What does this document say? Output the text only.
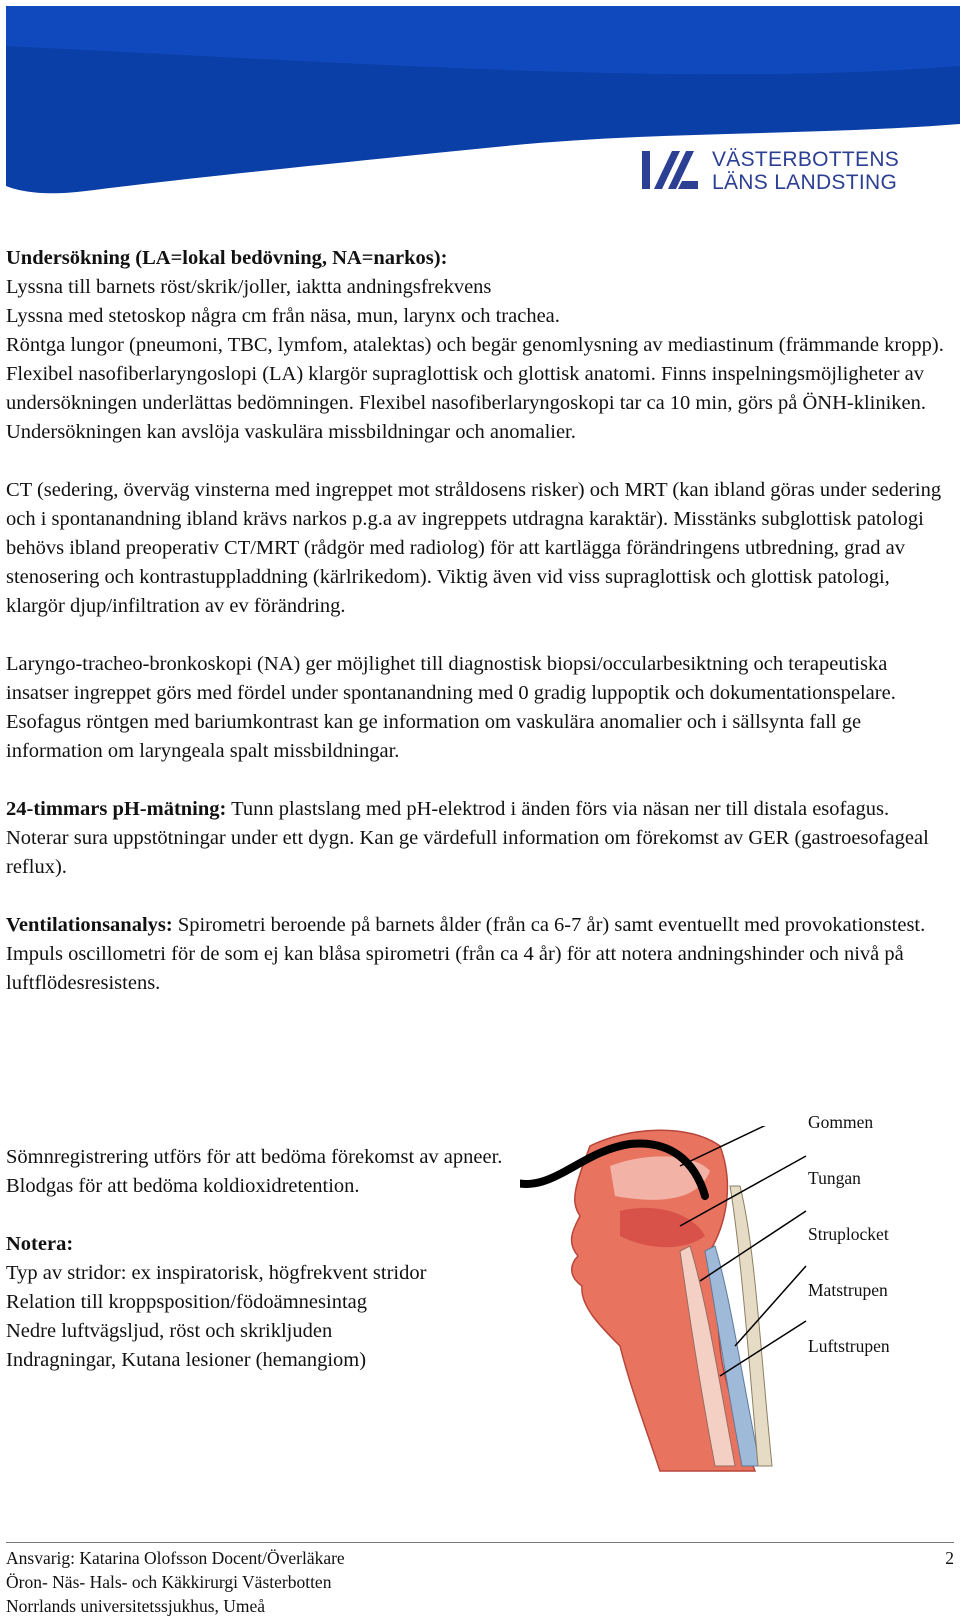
VÄSTERBOTTENS
LÄNS LANDSTING

Undersökning (LA=lokal bedövning, NA=narkos):

Lyssna till barnets röst/skrik/joller, iaktta andningsfrekvens

Lyssna med stetoskop några cm från näsa, mun, larynx och trachea.

Röntga lungor (pneumoni, TBC, lymfom, atalektas) och begär genomlysning av mediastinum (främmande kropp).

Flexibel nasofiberlaryngoslopi (LA) klargör supraglottisk och glottisk anatomi. Finns inspelningsmöjligheter av undersökningen underlättas bedömningen. Flexibel nasofiberlaryngoskopi tar ca 10 min, görs på ÖNH-kliniken. Undersökningen kan avslöja vaskulära missbildningar och anomalier.

CT (sedering, överväg vinsterna med ingreppet mot stråldosens risker) och MRT (kan ibland göras under sedering och i spontanandning ibland krävs narkos p.g.a av ingreppets utdragna karaktär). Misstänks subglottisk patologi behövs ibland preoperativ CT/MRT (rådgör med radiolog) för att kartlägga förändringens utbredning, grad av stenosering och kontrastuppladdning (kärlrikedom). Viktig även vid viss supraglottisk och glottisk patologi, klargör djup/infiltration av ev förändring.

Laryngo-tracheo-bronkoskopi (NA) ger möjlighet till diagnostisk biopsi/occularbesiktning och terapeutiska insatser ingreppet görs med fördel under spontanandning med 0 gradig luppoptik och dokumentationspelare.

Esofagus röntgen med bariumkontrast kan ge information om vaskulära anomalier och i sällsynta fall ge information om laryngeala spalt missbildningar.

24-timmars pH-mätning: Tunn plastslang med pH-elektrod i änden förs via näsan ner till distala esofagus. Noterar sura uppstötningar under ett dygn. Kan ge värdefull information om förekomst av GER (gastroesofageal reflux).

Ventilationsanalys: Spirometri beroende på barnets ålder (från ca 6-7 år) samt eventuellt med provokationstest. Impuls oscillometri för de som ej kan blåsa spirometri (från ca 4 år) för att notera andningshinder och nivå på luftflödesresistens.

Sömnregistrering utförs för att bedöma förekomst av apneer.

Blodgas för att bedöma koldioxidretention.

Notera:

Typ av stridor: ex inspiratorisk, högfrekvent stridor

Relation till kroppsposition/födoämnesintag

Nedre luftvägsljud, röst och skrikljuden

Indragningar, Kutana lesioner (hemangiom)

Gommen
Tungan
Struplocket
Matstrupen
Luftstrupen

Ansvarig: Katarina Olofsson Docent/Överläkare

Öron- Näs- Hals- och Käkkirurgi Västerbotten

Norrlands universitetssjukhus, Umeå

2
